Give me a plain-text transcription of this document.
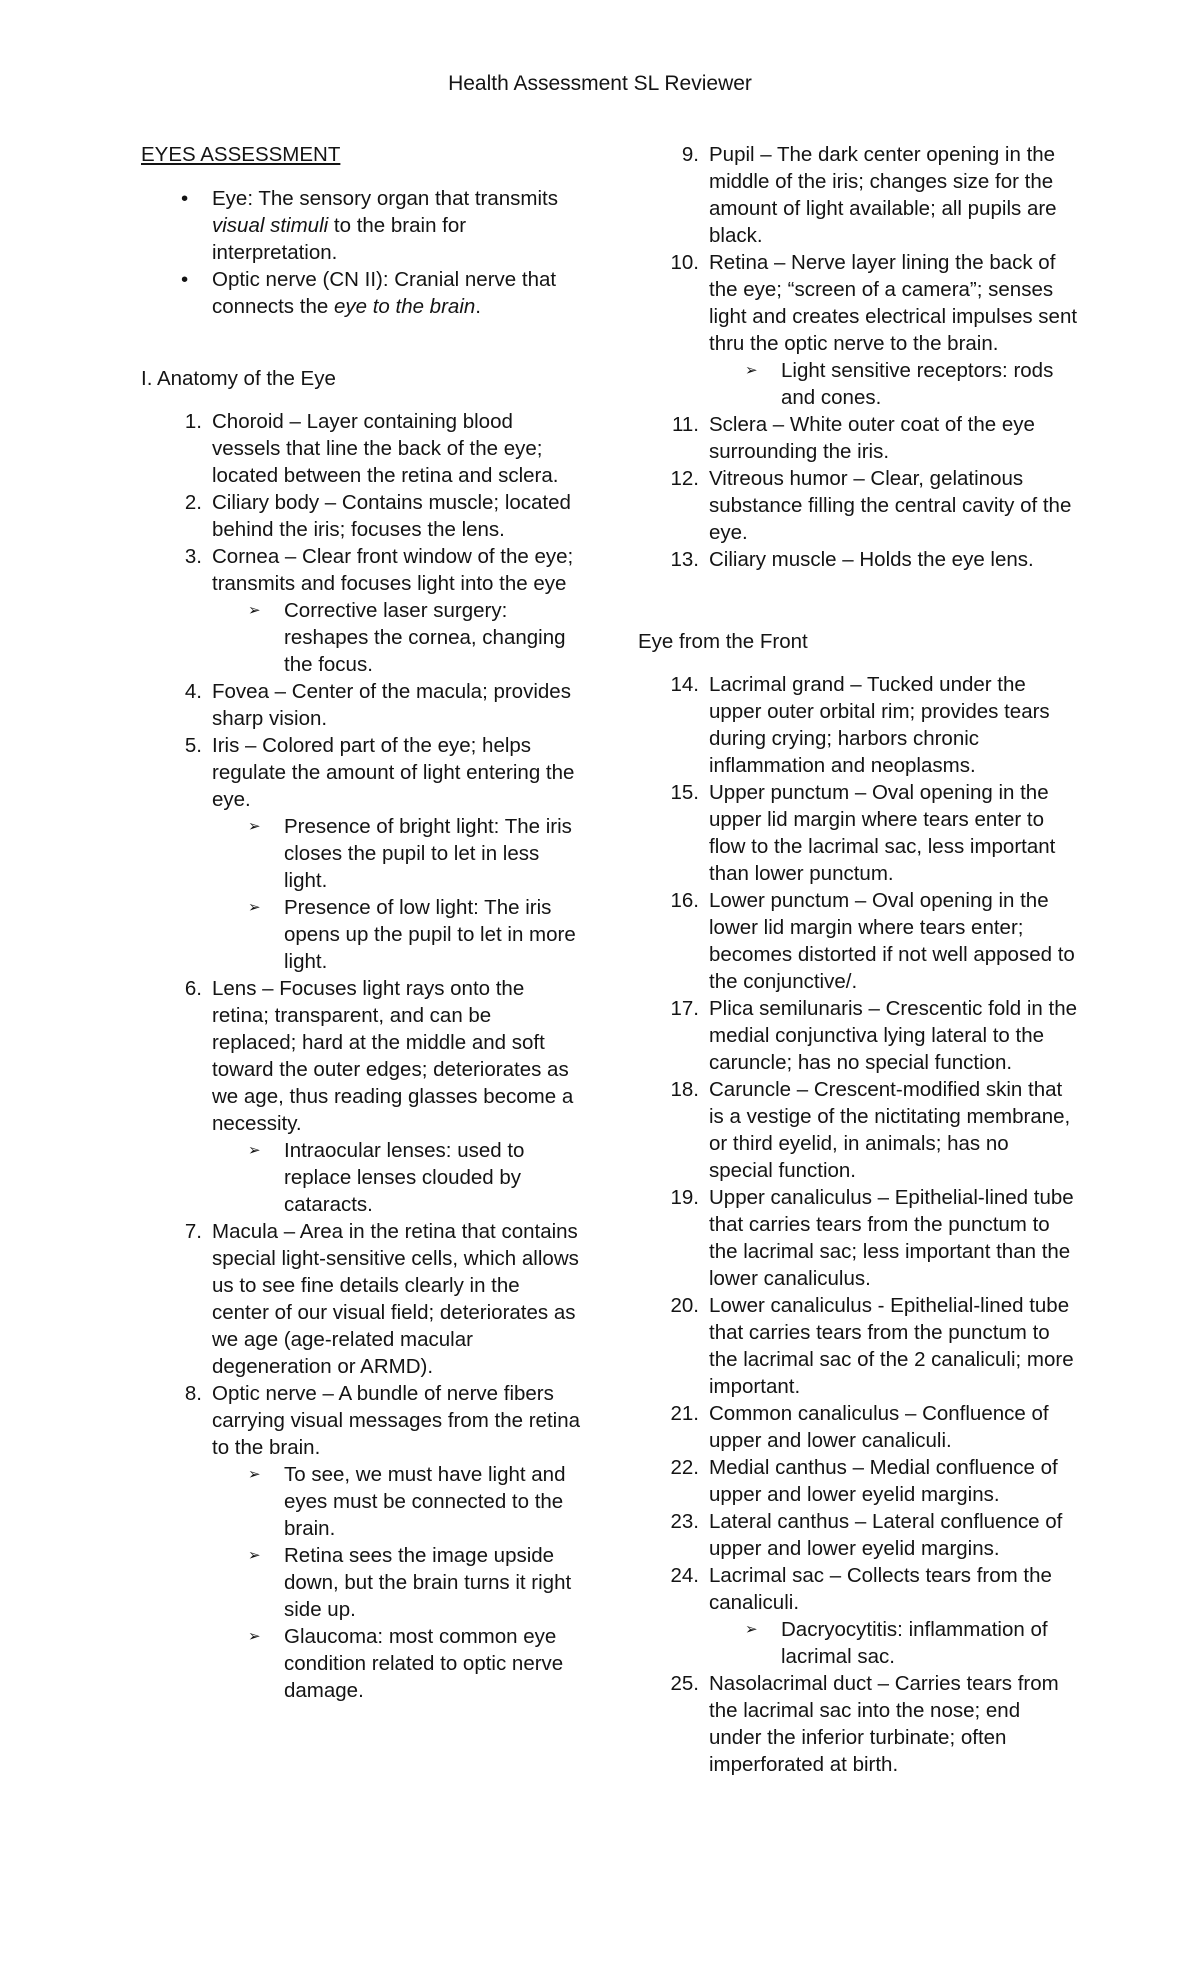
Health Assessment SL Reviewer

EYES ASSESSMENT

• Eye: The sensory organ that transmits visual stimuli to the brain for interpretation.
• Optic nerve (CN II): Cranial nerve that connects the eye to the brain.

I. Anatomy of the Eye

1. Choroid – Layer containing blood vessels that line the back of the eye; located between the retina and sclera.
2. Ciliary body – Contains muscle; located behind the iris; focuses the lens.
3. Cornea – Clear front window of the eye; transmits and focuses light into the eye
➢ Corrective laser surgery: reshapes the cornea, changing the focus.
4. Fovea – Center of the macula; provides sharp vision.
5. Iris – Colored part of the eye; helps regulate the amount of light entering the eye.
➢ Presence of bright light: The iris closes the pupil to let in less light.
➢ Presence of low light: The iris opens up the pupil to let in more light.
6. Lens – Focuses light rays onto the retina; transparent, and can be replaced; hard at the middle and soft toward the outer edges; deteriorates as we age, thus reading glasses become a necessity.
➢ Intraocular lenses: used to replace lenses clouded by cataracts.
7. Macula – Area in the retina that contains special light-sensitive cells, which allows us to see fine details clearly in the center of our visual field; deteriorates as we age (age-related macular degeneration or ARMD).
8. Optic nerve – A bundle of nerve fibers carrying visual messages from the retina to the brain.
➢ To see, we must have light and eyes must be connected to the brain.
➢ Retina sees the image upside down, but the brain turns it right side up.
➢ Glaucoma: most common eye condition related to optic nerve damage.
9. Pupil – The dark center opening in the middle of the iris; changes size for the amount of light available; all pupils are black.
10. Retina – Nerve layer lining the back of the eye; “screen of a camera”; senses light and creates electrical impulses sent thru the optic nerve to the brain.
➢ Light sensitive receptors: rods and cones.
11. Sclera – White outer coat of the eye surrounding the iris.
12. Vitreous humor – Clear, gelatinous substance filling the central cavity of the eye.
13. Ciliary muscle – Holds the eye lens.

Eye from the Front

14. Lacrimal grand – Tucked under the upper outer orbital rim; provides tears during crying; harbors chronic inflammation and neoplasms.
15. Upper punctum – Oval opening in the upper lid margin where tears enter to flow to the lacrimal sac, less important than lower punctum.
16. Lower punctum – Oval opening in the lower lid margin where tears enter; becomes distorted if not well apposed to the conjunctive/.
17. Plica semilunaris – Crescentic fold in the medial conjunctiva lying lateral to the caruncle; has no special function.
18. Caruncle – Crescent-modified skin that is a vestige of the nictitating membrane, or third eyelid, in animals; has no special function.
19. Upper canaliculus – Epithelial-lined tube that carries tears from the punctum to the lacrimal sac; less important than the lower canaliculus.
20. Lower canaliculus - Epithelial-lined tube that carries tears from the punctum to the lacrimal sac of the 2 canaliculi; more important.
21. Common canaliculus – Confluence of upper and lower canaliculi.
22. Medial canthus – Medial confluence of upper and lower eyelid margins.
23. Lateral canthus – Lateral confluence of upper and lower eyelid margins.
24. Lacrimal sac – Collects tears from the canaliculi.
➢ Dacryocytitis: inflammation of lacrimal sac.
25. Nasolacrimal duct – Carries tears from the lacrimal sac into the nose; end under the inferior turbinate; often imperforated at birth.
